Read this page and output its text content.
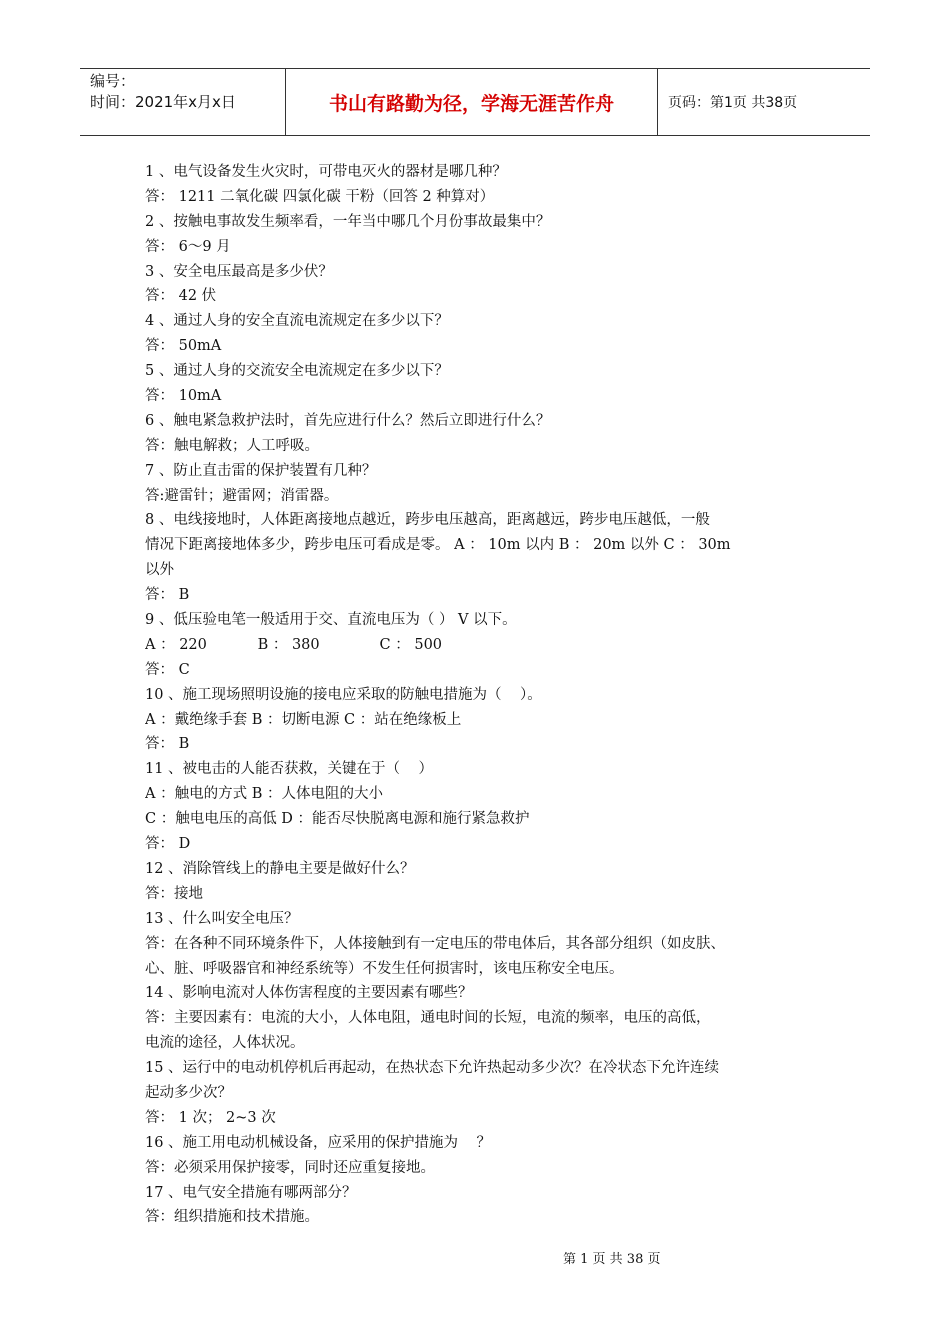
编号：
时间：2021年x月x日	书山有路勤为径，学海无涯苦作舟	页码：第1页 共38页

1 、电气设备发生火灾时，可带电灭火的器材是哪几种？

答： 1211 二氧化碳 四氯化碳 干粉（回答 2 种算对）

2 、按触电事故发生频率看，一年当中哪几个月份事故最集中？

答： 6～9 月

3 、安全电压最高是多少伏？

答： 42 伏

4 、通过人身的安全直流电流规定在多少以下？

答： 50mA

5 、通过人身的交流安全电流规定在多少以下？

答： 10mA

6 、触电紧急救护法时，首先应进行什么？然后立即进行什么？

答：触电解救；人工呼吸。

7 、防止直击雷的保护装置有几种？

答:避雷针；避雷网；消雷器。

8 、电线接地时，人体距离接地点越近，跨步电压越高，距离越远，跨步电压越低，一般

情况下距离接地体多少，跨步电压可看成是零。 A ： 10m 以内 B ： 20m 以外 C ： 30m

以外

答： B

9 、低压验电笔一般适用于交、直流电压为（ ） V 以下。

A ： 220           B ： 380             C ： 500

答： C

10 、施工现场照明设施的接电应采取的防触电措施为（    ）。

A ：戴绝缘手套 B ：切断电源 C ：站在绝缘板上

答： B

11 、被电击的人能否获救，关键在于（    ）

A ：触电的方式 B ：人体电阻的大小

C ：触电电压的高低 D ：能否尽快脱离电源和施行紧急救护

答： D

12 、消除管线上的静电主要是做好什么？

答：接地

13 、什么叫安全电压？

答：在各种不同环境条件下，人体接触到有一定电压的带电体后，其各部分组织（如皮肤、

心、脏、呼吸器官和神经系统等）不发生任何损害时，该电压称安全电压。

14 、影响电流对人体伤害程度的主要因素有哪些？

答：主要因素有：电流的大小，人体电阻，通电时间的长短，电流的频率，电压的高低，

电流的途径，人体状况。

15 、运行中的电动机停机后再起动，在热状态下允许热起动多少次？在冷状态下允许连续

起动多少次？

答： 1 次； 2~3 次

16 、施工用电动机械设备，应采用的保护措施为    ？

答：必须采用保护接零，同时还应重复接地。

17 、电气安全措施有哪两部分？

答：组织措施和技术措施。

第 1 页 共 38 页
